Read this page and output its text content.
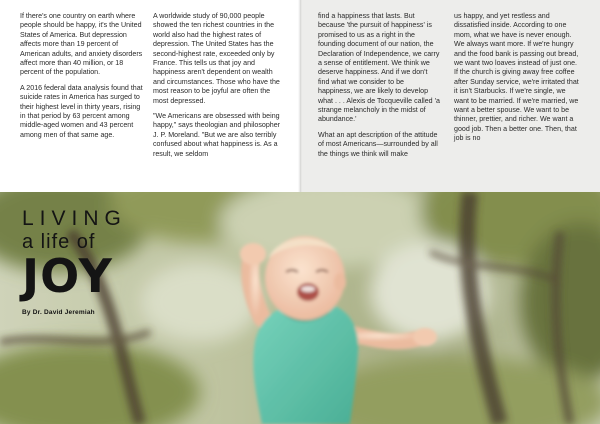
If there's one country on earth where people should be happy, it's the United States of America. But depression affects more than 19 percent of American adults, and anxiety disorders affect more than 40 million, or 18 percent of the population.

A 2016 federal data analysis found that suicide rates in America has surged to their highest level in thirty years, rising in that period by 63 percent among middle-aged women and 43 percent among men of that same age.

A worldwide study of 90,000 people showed the ten richest countries in the world also had the highest rates of depression. The United States has the second-highest rate, exceeded only by France. This tells us that joy and happiness aren't dependent on wealth and circumstances. Those who have the most reason to be joyful are often the most depressed.

"We Americans are obsessed with being happy," says theologian and philosopher J. P. Moreland. "But we are also terribly confused about what happiness is. As a result, we seldom

find a happiness that lasts. But because 'the pursuit of happiness' is promised to us as a right in the founding document of our nation, the Declaration of Independence, we carry a sense of entitlement. We think we deserve happiness. And if we don't find what we consider to be happiness, we are likely to develop what . . . Alexis de Tocqueville called 'a strange melancholy in the midst of abundance.'

What an apt description of the attitude of most Americans—surrounded by all the things we think will make

us happy, and yet restless and dissatisfied inside. According to one mom, what we have is never enough. We always want more. If we're hungry and the food bank is passing out bread, we want two loaves instead of just one. If the church is giving away free coffee after Sunday service, we're irritated that it isn't Starbucks. If we're single, we want to be married. If we're married, we want a better spouse. We want to be thinner, prettier, and richer. We want a good job. Then a better one. Then, that job is no

LIVING
a life of
JOY
By Dr. David Jeremiah
